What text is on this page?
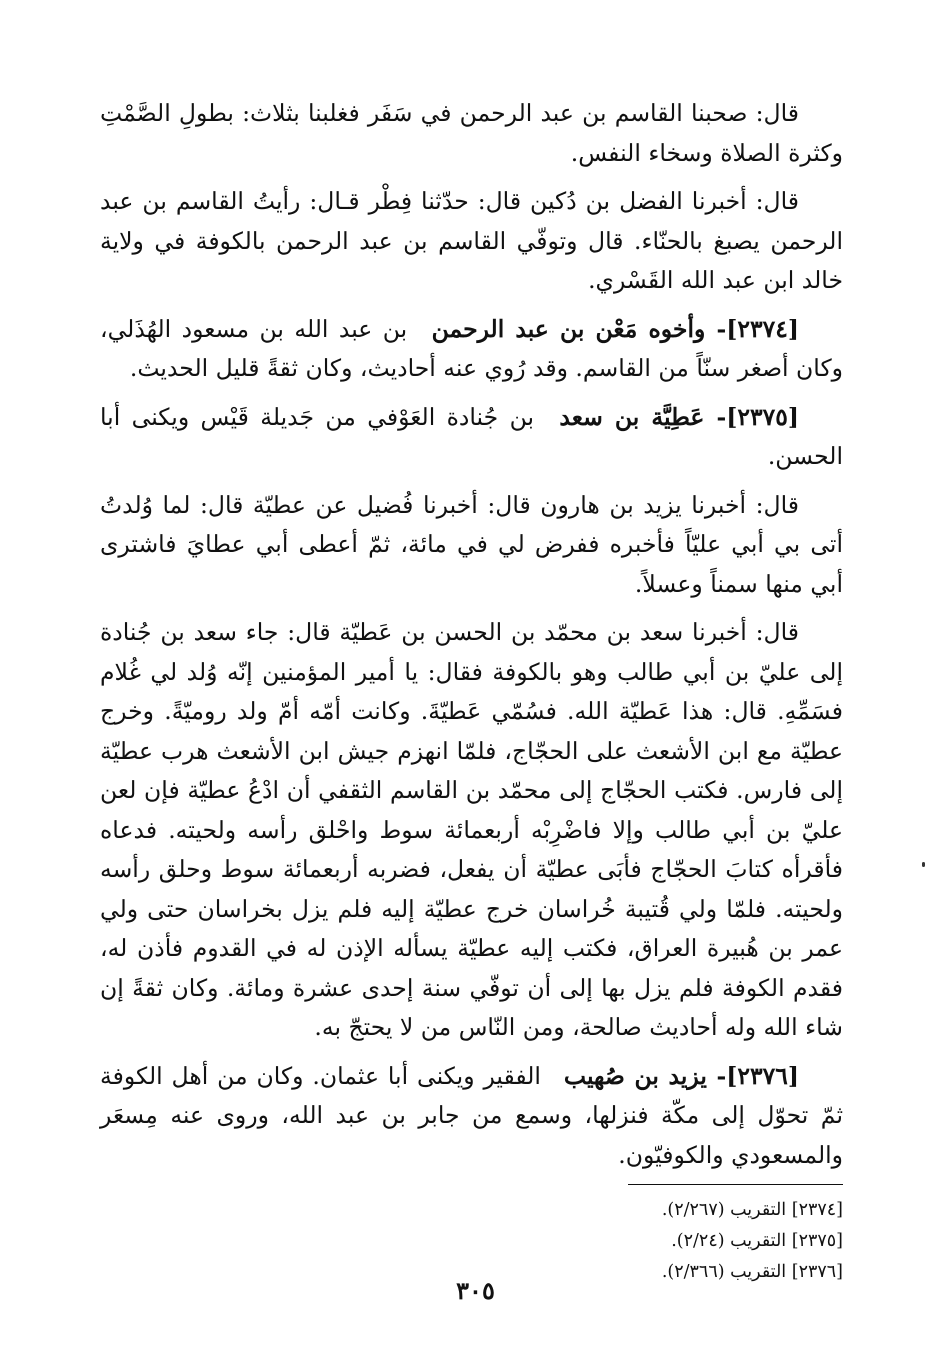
قال: صحبنا القاسم بن عبد الرحمن في سَفَر فغلبنا بثلاث: بطولِ الصَّمْتِ وكثرة الصلاة وسخاء النفس.

قال: أخبرنا الفضل بن دُكين قال: حدّثنا فِطْر قـال: رأيتُ القاسم بن عبد الرحمن يصبغ بالحنّاء. قال وتوفّي القاسم بن عبد الرحمن بالكوفة في ولاية خالد ابن عبد الله القَسْري.

[٢٣٧٤]- وأخوه مَعْن بن عبد الرحمن بن عبد الله بن مسعود الهُذَلي، وكان أصغر سنّاً من القاسم. وقد رُوي عنه أحاديث، وكان ثقةً قليل الحديث.

[٢٣٧٥]- عَطِيَّة بن سعد بن جُنادة العَوْفي من جَديلة قَيْس ويكنى أبا الحسن.

قال: أخبرنا يزيد بن هارون قال: أخبرنا فُضيل عن عطيّة قال: لما وُلدتُ أتى بي أبي عليّاً فأخبره ففرض لي في مائة، ثمّ أعطى أبي عطايَ فاشترى أبي منها سمناً وعسلاً.

قال: أخبرنا سعد بن محمّد بن الحسن بن عَطيّة قال: جاء سعد بن جُنادة إلى عليّ بن أبي طالب وهو بالكوفة فقال: يا أمير المؤمنين إنّه وُلد لي غُلام فسَمِّهِ. قال: هذا عَطيّة الله. فسُمّي عَطيّةَ. وكانت أمّه أمّ ولد روميّةً. وخرج عطيّة مع ابن الأشعث على الحجّاج، فلمّا انهزم جيش ابن الأشعث هرب عطيّة إلى فارس. فكتب الحجّاج إلى محمّد بن القاسم الثقفي أن ادْعُ عطيّة فإن لعن عليّ بن أبي طالب وإلا فاضْرِبْه أربعمائة سوط واحْلق رأسه ولحيته. فدعاه فأقرأه كتابَ الحجّاج فأبَى عطيّة أن يفعل، فضربه أربعمائة سوط وحلق رأسه ولحيته. فلمّا ولي قُتيبة خُراسان خرج عطيّة إليه فلم يزل بخراسان حتى ولي عمر بن هُبيرة العراق، فكتب إليه عطيّة يسأله الإذن له في القدوم فأذن له، فقدم الكوفة فلم يزل بها إلى أن توفّي سنة إحدى عشرة ومائة. وكان ثقةً إن شاء الله وله أحاديث صالحة، ومن النّاس من لا يحتجّ به.

[٢٣٧٦]- يزيد بن صُهيب الفقير ويكنى أبا عثمان. وكان من أهل الكوفة ثمّ تحوّل إلى مكّة فنزلها، وسمع من جابر بن عبد الله، وروى عنه مِسعَر والمسعودي والكوفيّون.

[٢٣٧٤] التقريب (٢/٢٦٧).

[٢٣٧٥] التقريب (٢/٢٤).

[٢٣٧٦] التقريب (٢/٣٦٦).

٣٠٥
